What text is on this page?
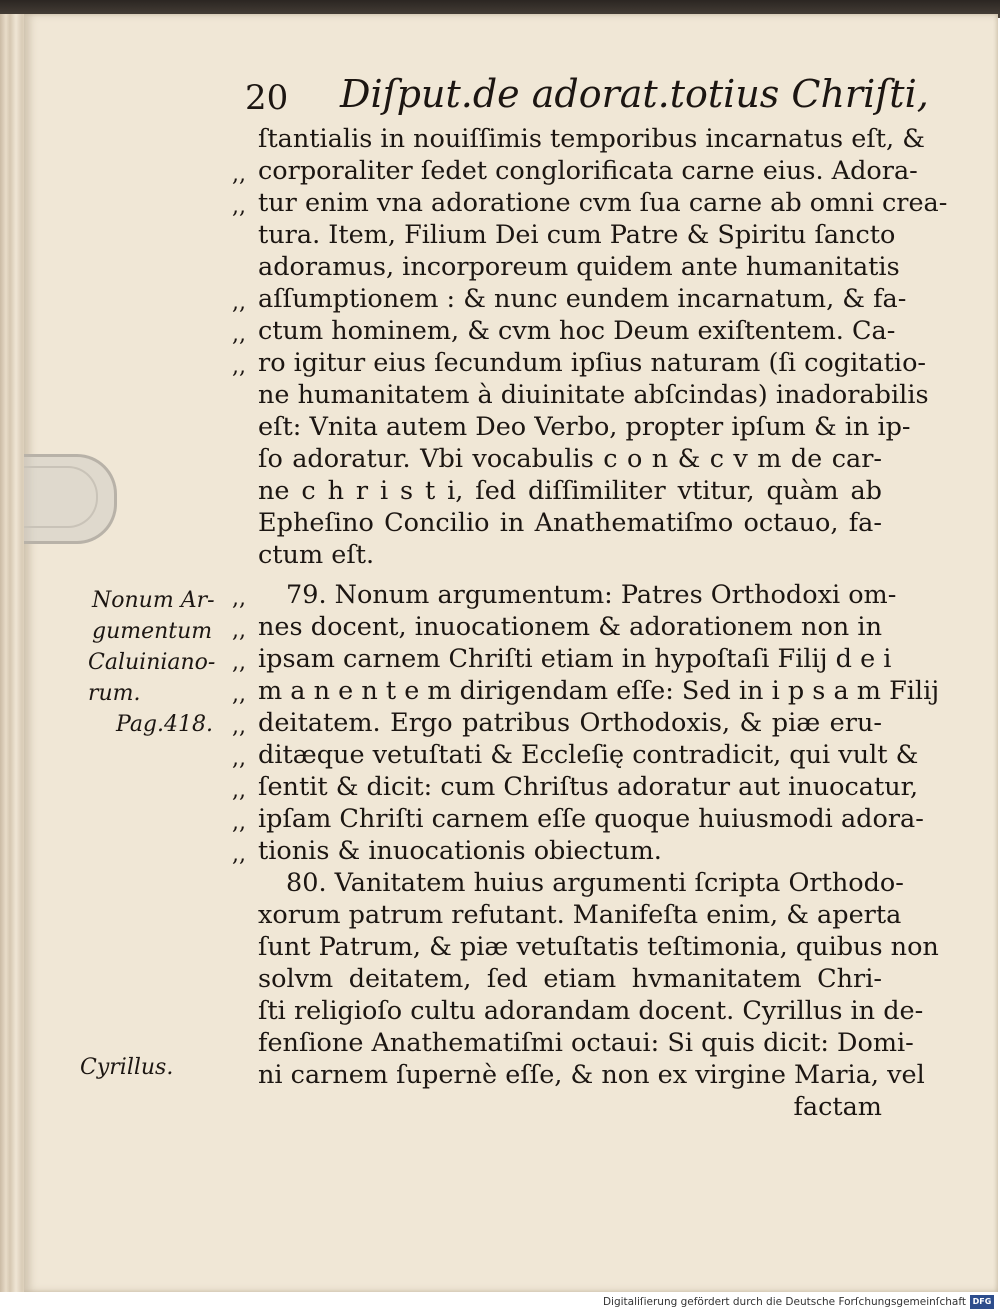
20 Diſput.de adorat.totius Chriſti,
ſtantialis in nouiſſimis temporibus incarnatus eſt, &
corporaliter ſedet conglorificata carne eius. Adora-
tur enim vna adoratione cvm ſua carne ab omni crea-
tura. Item, Filium Dei cum Patre & Spiritu ſancto
adoramus, incorporeum quidem ante humanitatis
aſſumptionem : & nunc eundem incarnatum, & fa-
ctum hominem, & cvm hoc Deum exiſtentem. Ca-
ro igitur eius ſecundum ipſius naturam (ſi cogitatio-
ne humanitatem à diuinitate abſcindas) inadorabilis
eſt: Vnita autem Deo Verbo, propter ipſum & in ip-
ſo adoratur. Vbi vocabulis c o n & c v m de car-
ne c h r i s t i, ſed diſſimiliter vtitur, quàm ab
Epheſino Concilio in Anathematiſmo octauo, fa-
ctum eſt.
79. Nonum argumentum: Patres Orthodoxi om-
nes docent, inuocationem & adorationem non in
ipsam carnem Chriſti etiam in hypoſtaſi Filij d e i
m a n e n t e m dirigendam eſſe: Sed in i p s a m Filij
deitatem. Ergo patribus Orthodoxis, & piæ eru-
ditæque vetuſtati & Eccleſię contradicit, qui vult &
ſentit & dicit: cum Chriſtus adoratur aut inuocatur,
ipſam Chriſti carnem eſſe quoque huiusmodi adora-
tionis & inuocationis obiectum.
80. Vanitatem huius argumenti ſcripta Orthodo-
xorum patrum refutant. Manifeſta enim, & aperta
ſunt Patrum, & piæ vetuſtatis teſtimonia, quibus non
solvm deitatem, ſed etiam hvmanitatem Chri-
ſti religioſo cultu adorandam docent. Cyrillus in de-
fenſione Anathematiſmi octaui: Si quis dicit: Domi-
ni carnem ſupernè eſſe, & non ex virgine Maria, vel
factam
,,
,,
,,
,,
,,
,,
,,
,,
,,
,,
,,
,,
,,
,,
Nonum Ar-
gumentum
Caluiniano-
rum.
Pag.418.
Cyrillus.
Digitaliſierung gefördert durch die Deutsche Forſchungsgemeinſchaft DFG
